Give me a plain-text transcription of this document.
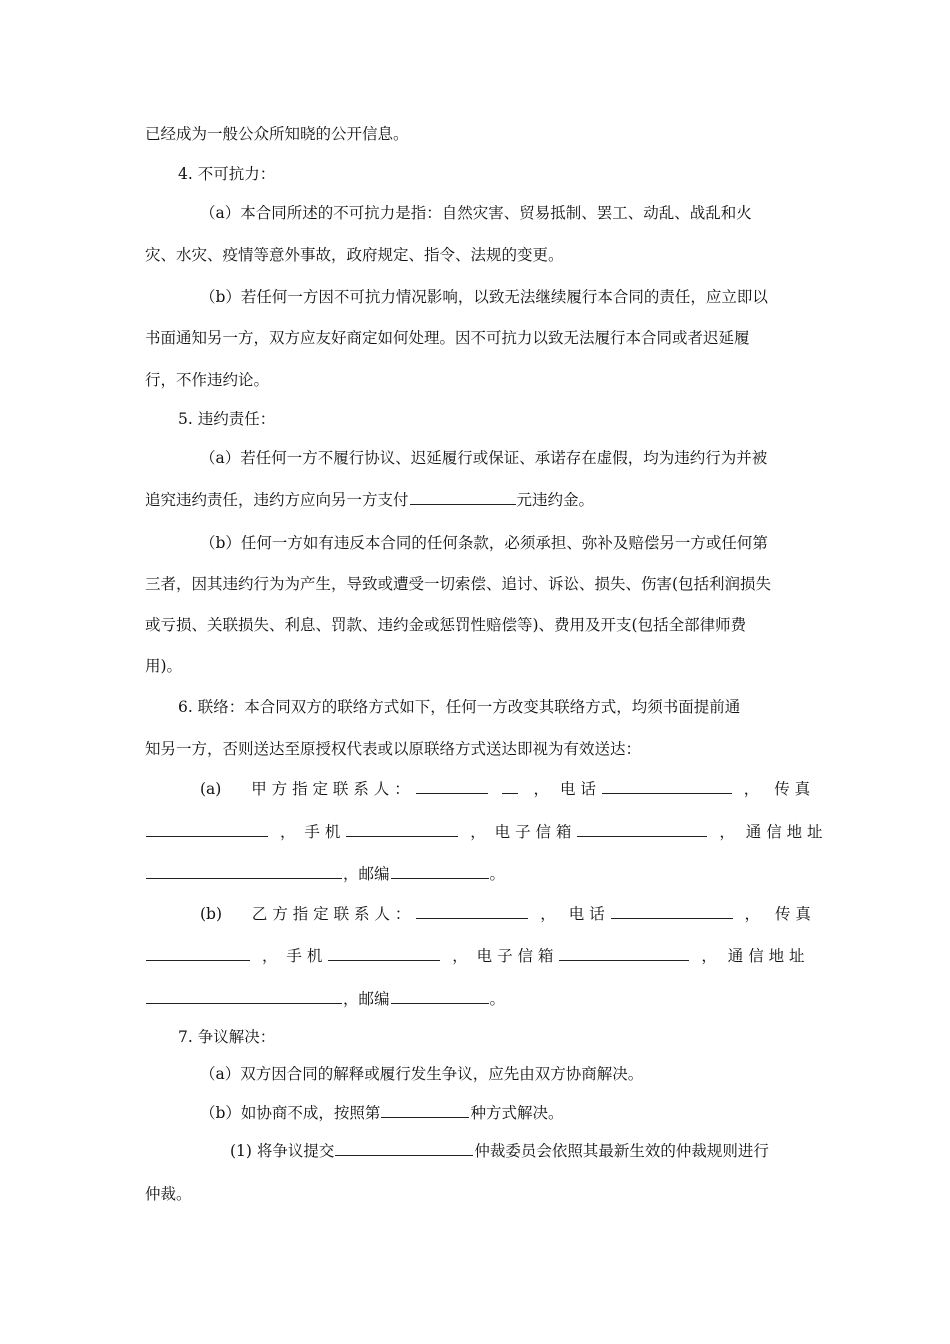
已经成为一般公众所知晓的公开信息。
4. 不可抗力：
（a）本合同所述的不可抗力是指：自然灾害、贸易抵制、罢工、动乱、战乱和火
灾、水灾、疫情等意外事故，政府规定、指令、法规的变更。
（b）若任何一方因不可抗力情况影响，以致无法继续履行本合同的责任，应立即以
书面通知另一方，双方应友好商定如何处理。因不可抗力以致无法履行本合同或者迟延履
行，不作违约论。
5. 违约责任：
（a）若任何一方不履行协议、迟延履行或保证、承诺存在虚假，均为违约行为并被
追究违约责任，违约方应向另一方支付	元违约金。
（b）任何一方如有违反本合同的任何条款，必须承担、弥补及赔偿另一方或任何第
三者，因其违约行为为产生，导致或遭受一切索偿、追讨、诉讼、损失、伤害(包括利润损失
或亏损、关联损失、利息、罚款、违约金或惩罚性赔偿等)、费用及开支(包括全部律师费
用)。
6. 联络：本合同双方的联络方式如下，任何一方改变其联络方式，均须书面提前通
知另一方，否则送达至原授权代表或以原联络方式送达即视为有效送达：
(a) 甲 方 指 定 联 系 人 ：	， 电 话	， 传 真
， 手 机	， 电 子 信 箱	， 通 信 地 址
，邮编	。
(b) 乙 方 指 定 联 系 人 ：	， 电 话	， 传 真
， 手 机	， 电 子 信 箱	， 通 信 地 址
，邮编	。
7. 争议解决：
（a）双方因合同的解释或履行发生争议，应先由双方协商解决。
（b）如协商不成，按照第	种方式解决。
(1) 将争议提交	仲裁委员会依照其最新生效的仲裁规则进行
仲裁。
